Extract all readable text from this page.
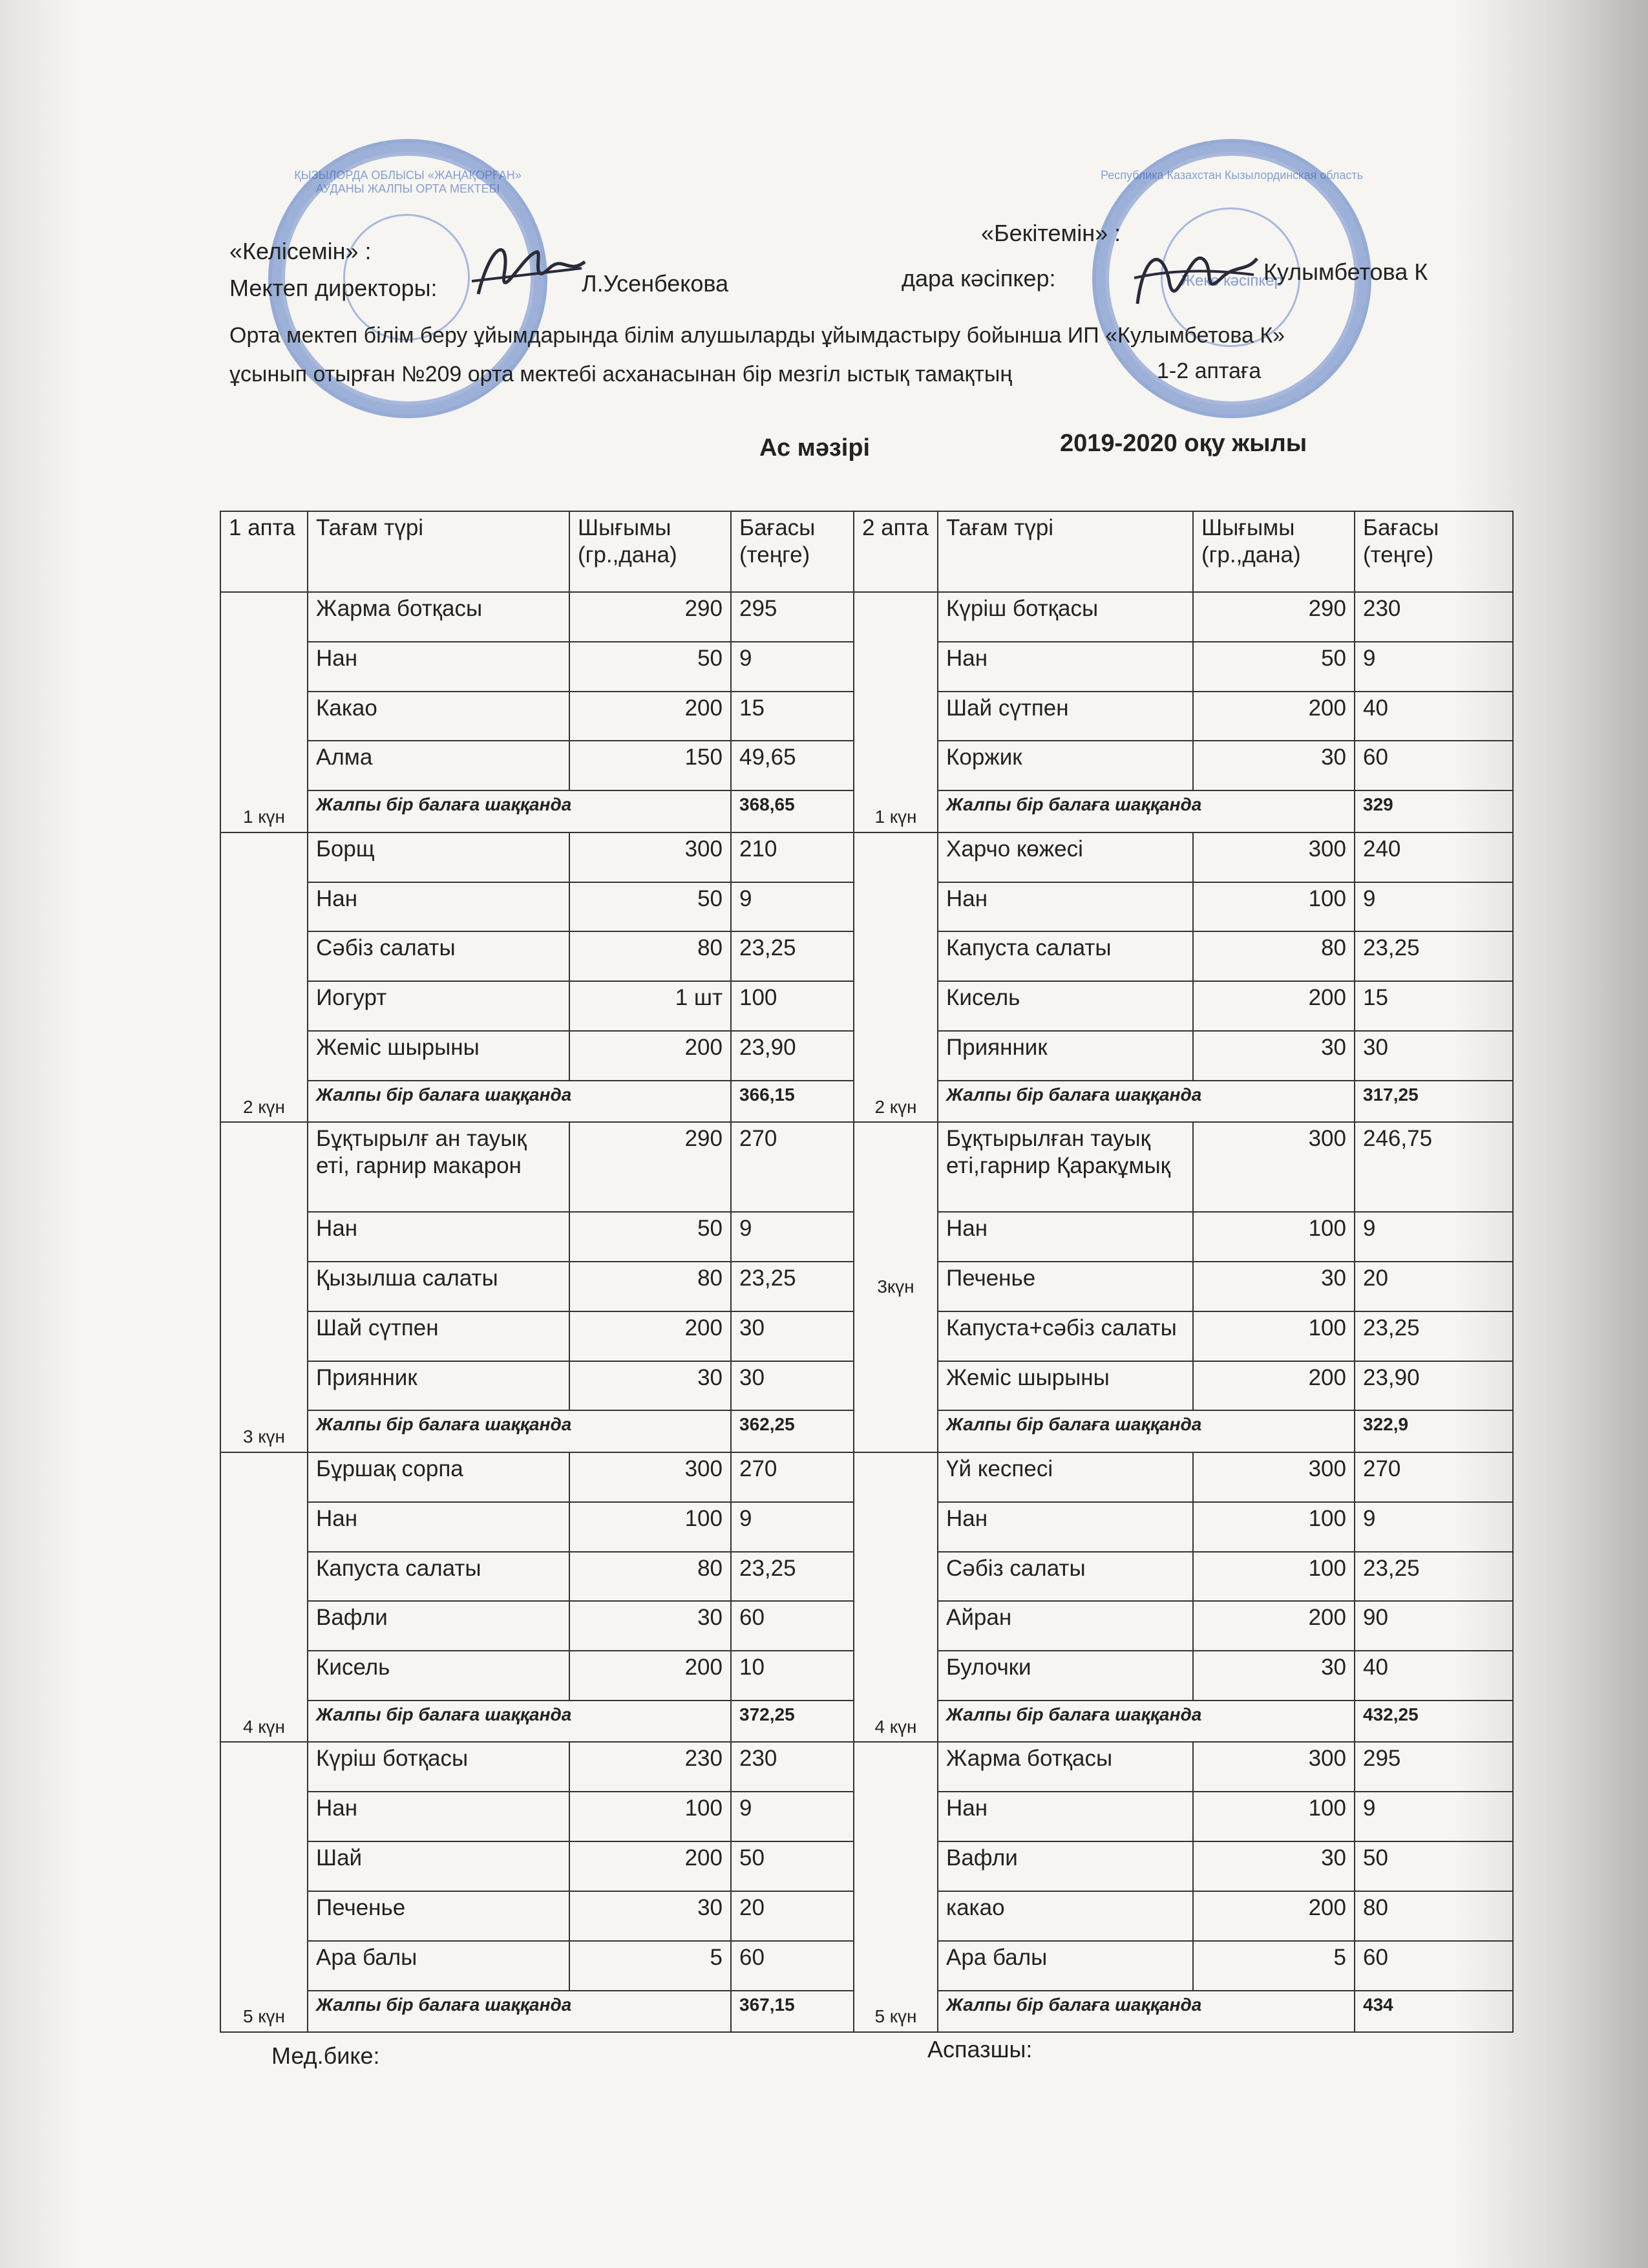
ҚЫЗЫЛОРДА ОБЛЫСЫ «ЖАҢАҚОРҒАН» АУДАНЫ ЖАЛПЫ ОРТА МЕКТЕБІ
Республика Казахстан Кызылординская область
Жеке кәсіпкер
«Келісемін» :
Мектеп директоры:	Л.Усенбекова
«Бекітемін» :
дара кәсіпкер:	Кулымбетова К
Орта мектеп білім беру ұйымдарында білім алушыларды ұйымдастыру бойынша ИП «Кулымбетова К»
ұсынып отырған №209 орта мектебі асханасынан бір мезгіл ыстық тамақтың	1-2 аптаға
Ас мәзірі	2019-2020 оқу жылы
1 апта	Тағам түрі	Шығымы (гр.,дана)	Бағасы (теңге)	2 апта	Тағам түрі	Шығымы (гр.,дана)	Бағасы (теңге)
1 күн	Жарма ботқасы	290	295	1 күн	Күріш ботқасы	290	230
	Нан	50	9		Нан	50	9
	Какао	200	15		Шай сүтпен	200	40
	Алма	150	49,65		Коржик	30	60
	Жалпы бір балаға шаққанда		368,65		Жалпы бір балаға шаққанда		329
2 күн	Борщ	300	210	2 күн	Харчо көжесі	300	240
	Нан	50	9		Нан	100	9
	Сәбіз салаты	80	23,25		Капуста салаты	80	23,25
	Иогурт	1 шт	100		Кисель	200	15
	Жеміс шырыны	200	23,90		Приянник	30	30
	Жалпы бір балаға шаққанда		366,15		Жалпы бір балаға шаққанда		317,25
3 күн	Бұқтырылғ ан тауық еті, гарнир макарон	290	270	3күн	Бұқтырылған тауық еті,гарнир Қаракұмық	300	246,75
	Нан	50	9		Нан	100	9
	Қызылша салаты	80	23,25		Печенье	30	20
	Шай сүтпен	200	30		Капуста+сәбіз салаты	100	23,25
	Приянник	30	30		Жеміс шырыны	200	23,90
	Жалпы бір балаға шаққанда		362,25		Жалпы бір балаға шаққанда		322,9
4 күн	Бұршақ сорпа	300	270	4 күн	Үй кеспесі	300	270
	Нан	100	9		Нан	100	9
	Капуста салаты	80	23,25		Сәбіз салаты	100	23,25
	Вафли	30	60		Айран	200	90
	Кисель	200	10		Булочки	30	40
	Жалпы бір балаға шаққанда		372,25		Жалпы бір балаға шаққанда		432,25
5 күн	Күріш ботқасы	230	230	5 күн	Жарма ботқасы	300	295
	Нан	100	9		Нан	100	9
	Шай	200	50		Вафли	30	50
	Печенье	30	20		какао	200	80
	Ара балы	5	60		Ара балы	5	60
	Жалпы бір балаға шаққанда		367,15		Жалпы бір балаға шаққанда		434
Мед.бике:	Аспазшы:
